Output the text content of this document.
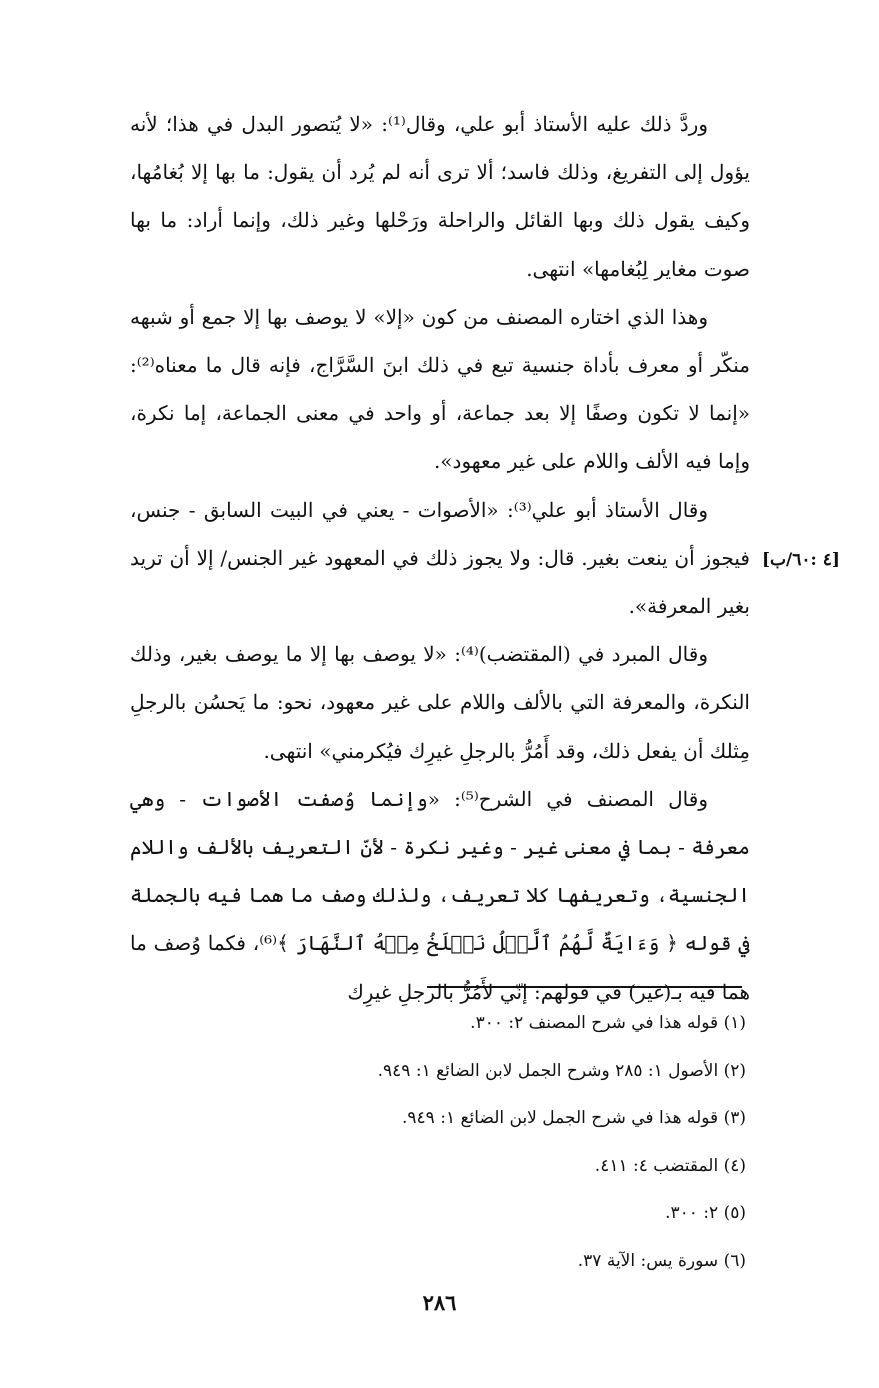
وردَّ ذلك عليه الأستاذ أبو علي، وقال⁽¹⁾: «لا يُتصور البدل في هذا؛ لأنه يؤول إلى التفريغ، وذلك فاسد؛ ألا ترى أنه لم يُرد أن يقول: ما بها إلا بُغامُها، وكيف يقول ذلك وبها القائل والراحلة ورَحْلها وغير ذلك، وإنما أراد: ما بها صوت مغاير لِبُغامها» انتهى.

وهذا الذي اختاره المصنف من كون «إلا» لا يوصف بها إلا جمع أو شبهه منكّر أو معرف بأداة جنسية تبع في ذلك ابنَ السَّرَّاج، فإنه قال ما معناه⁽²⁾: «إنما لا تكون وصفًا إلا بعد جماعة، أو واحد في معنى الجماعة، إما نكرة، وإما فيه الألف واللام على غير معهود».

وقال الأستاذ أبو علي⁽³⁾: «الأصوات - يعني في البيت السابق - جنس، فيجوز أن ينعت بغير. قال: ولا يجوز ذلك في المعهود غير الجنس/ إلا أن تريد بغير المعرفة».

وقال المبرد في (المقتضب)⁽⁴⁾: «لا يوصف بها إلا ما يوصف بغير، وذلك النكرة، والمعرفة التي بالألف واللام على غير معهود، نحو: ما يَحسُن بالرجلِ مِثلك أن يفعل ذلك، وقد أَمُرُّ بالرجلِ غيرِك فيُكرمني» انتهى.

وقال المصنف في الشرح⁽⁵⁾: «وإنما وُصفت الأصوات - وهي معرفة - بما في معنى غير - وغير نكرة - لأنّ التعريف بالألف واللام الجنسية، وتعريفها كلا تعريف، ولذلك وصف ما هما فيه بالجملة في قوله ﴿ وَءَايَةٌ لَّهُمُ ٱلَّيۡلُ نَسۡلَخُ مِنۡهُ ٱلنَّهَارَ ﴾⁽⁶⁾، فكما وُصف ما هما فيه بـ(غير) في قولهم: إنّي لأَمُرُّ بالرجلِ غيرِك

[٤ :٦٠/ب]
(١) قوله هذا في شرح المصنف ٢: ٣٠٠.
(٢) الأصول ١: ٢٨٥ وشرح الجمل لابن الضائع ١: ٩٤٩.
(٣) قوله هذا في شرح الجمل لابن الضائع ١: ٩٤٩.
(٤) المقتضب ٤: ٤١١.
(٥) ٢: ٣٠٠.
(٦) سورة يس: الآية ٣٧.
٢٨٦
